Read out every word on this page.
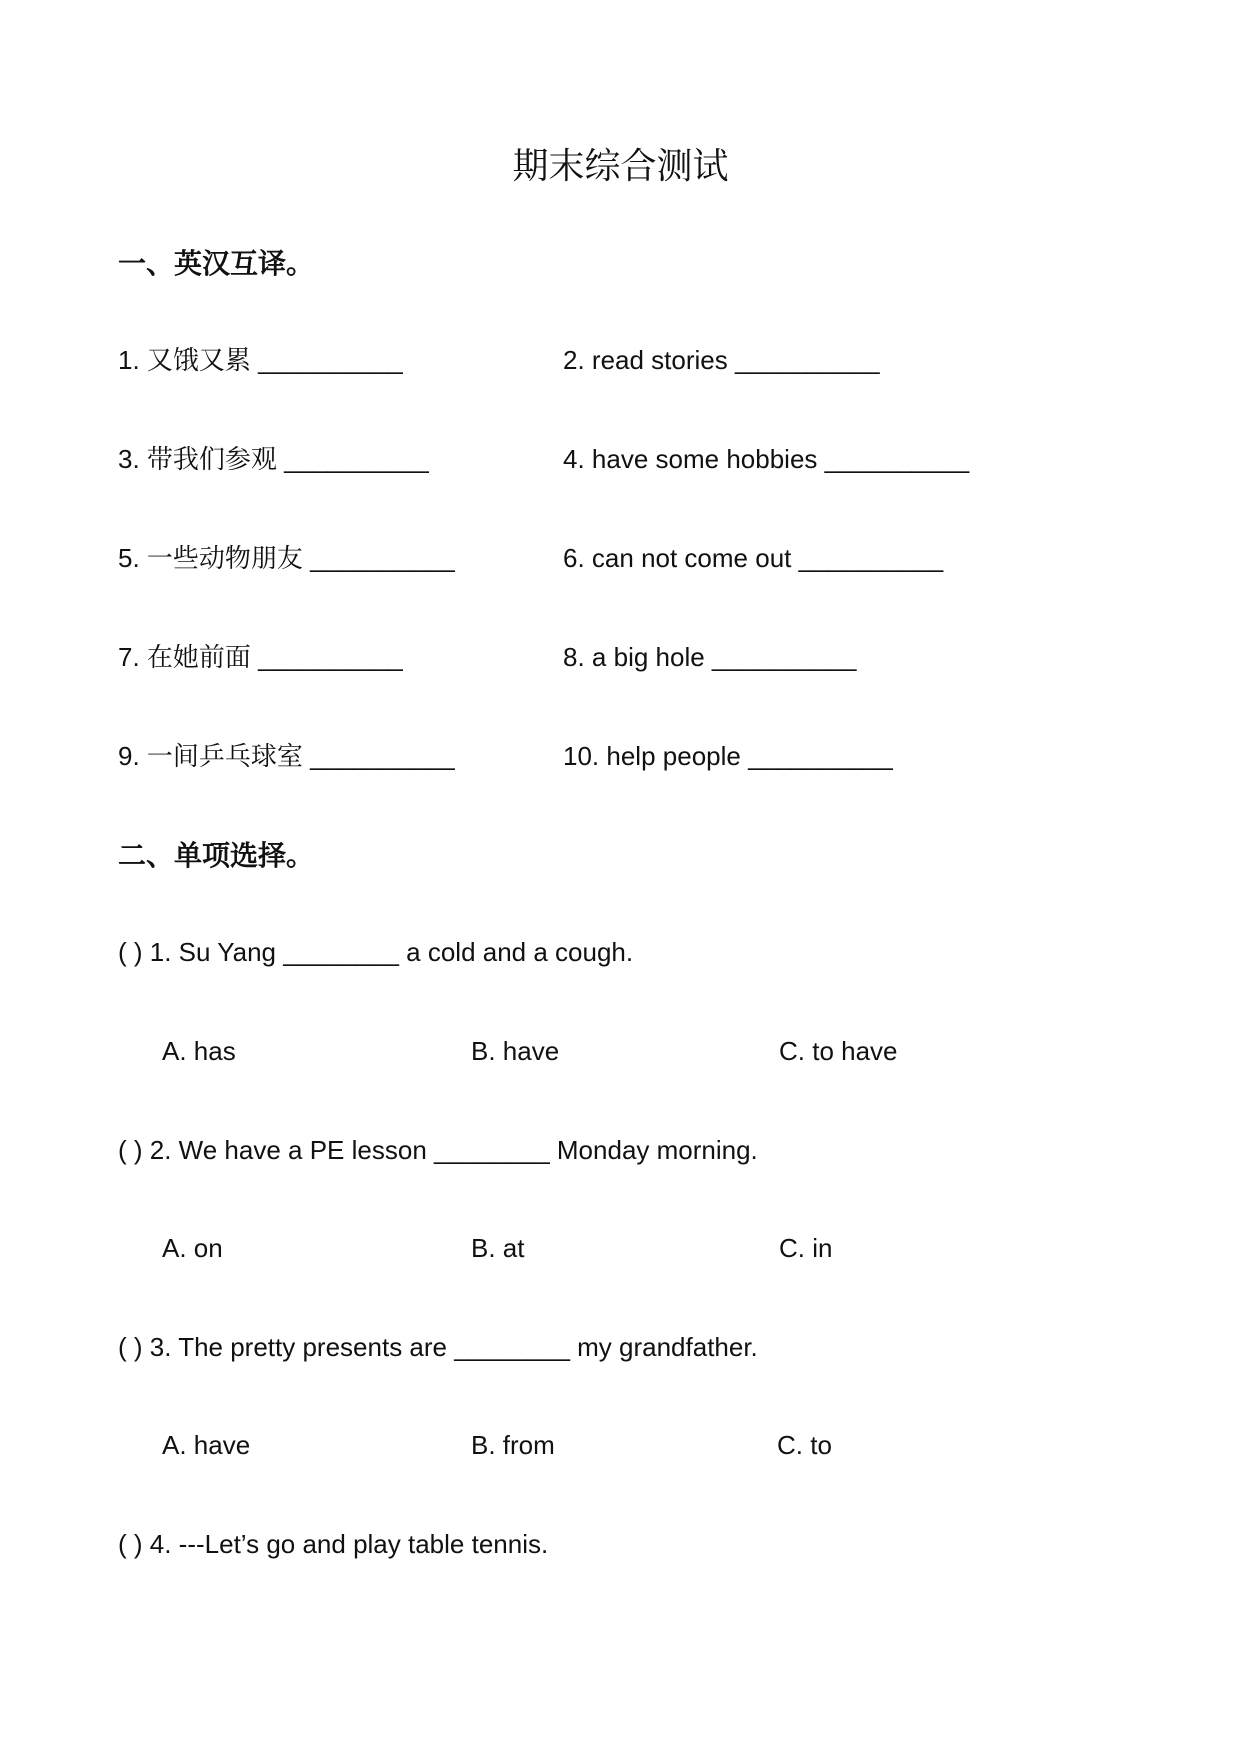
期末综合测试
一、英汉互译。
1. 又饿又累 __________	2. read stories __________
3. 带我们参观 __________	4. have some hobbies __________
5. 一些动物朋友 __________	6. can not come out __________
7. 在她前面 __________	8. a big hole __________
9. 一间乒乓球室 __________	10. help people __________
二、单项选择。
( ) 1. Su Yang ________ a cold and a cough.
A. has	B. have	C. to have
( ) 2. We have a PE lesson ________ Monday morning.
A. on	B. at	C. in
( ) 3. The pretty presents are ________ my grandfather.
A. have	B. from	C. to
( ) 4. ---Let’s go and play table tennis.
